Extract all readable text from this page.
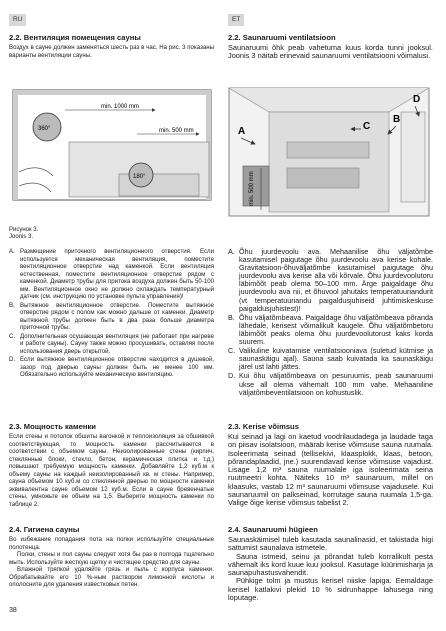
RU	ET
2.2. Вентиляция помещения сауны
Воздух в сауне должен заменяться шесть раз в час. На рис. 3 показаны варианты вентиляции сауны.
2.2. Saunaruumi ventilatsioon
Saunaruumi õhk peab vahetuma kuus korda tunni jooksul. Joonis 3 näitab erinevaid saunaruumi ventilatsiooni võimalusi.
min. 1000 mm
min. 500 mm
360°
180°	min. 500 mm
A
B
C
D
Рисунок 3.
Joonis 3.
A. Размещение приточного вентиляционного отверстия. Если используется механическая вентиляция, поместите вентиляционное отверстие над каменкой. Если вентиляция естественная, поместите вентиляционное отверстие рядом с каменкой. Диаметр трубы для притока воздуха должен быть 50-100 мм. Вентиляционное окно не должно охлаждать температурный датчик (см. инструкцию по установке пульта управления)!
B. Вытяжное вентиляционное отверстие. Поместите вытяжное отверстие рядом с полом как можно дальше от каменки. Диаметр вытяжной трубы должен быть в два раза больше диаметра приточной трубы.
C. Дополнительная осушающая вентиляция (не работает при нагреве и работе сауны). Сауну также можно просушивать, оставляя после использования дверь открытой.
D. Если вытяжное вентиляционное отверстие находится в душевой, зазор под дверью сауны должен быть не менее 100 мм. Обязательно используйте механическую вентиляцию.
A. Õhu juurdevoolu ava. Mehaanilise õhu väljatõmbe kasutamisel paigutage õhu juurdevoolu ava kerise kohale. Gravitatsioon-õhuväljatõmbe kasutamisel paigutage õhu juurdevoolu ava kerise alla või kõrvale. Õhu juurdevoolutoru läbimõõt peab olema 50–100 mm. Ärge paigaldage õhu juurdevoolu ava nii, et õhuvool jahutaks temperatuuriandurit (vt temperatuuriandu paigaldusjuhiseid juhtimiskeskuse paigaldusjuhistest)!
B. Õhu väljatõmbeava. Paigaldage õhu väljatõmbeava põranda lähedale, kerisest võimalikult kaugele. Õhu väljatõmbetoru läbimõõt peaks olema õhu juurdevoolutorust kaks korda suurem.
C. Valikuline kuivatamise ventilatsiooniava (suletud kütmise ja saunaskäigu ajal). Sauna saab kuivatada ka saunaskäigu järel ust lahti jättes.
D. Kui õhu väljatõmbeava on pesuruumis, peab saunaruumi ukse all olema vähemalt 100 mm vahe. Mehaaniline väljatõmbeventilatsioon on kohustuslik.
2.3. Мощность каменки
Если стены и потолок обшиты вагонкой и теплоизоляция за обшивкой соответствующая, то мощность каменки рассчитывается в соответствии с объемом сауны. Неизолированные стены (кирпич, стеклянные блоки, стекло, бетон, керамическая плитка и т.д.) повышают требуемую мощность каменки. Добавляйте 1,2 куб.м к объему сауны на каждый неизолированный кв. м стены. Например, сауна объемом 10 куб.м со стеклянной дверью по мощности каменки эквивалентна сауне объемом 12 куб.м. Если в сауне бревенчатые стены, умножьте ее объем на 1,5. Выберите мощность каменки по таблице 2.
2.3. Kerise võimsus
Kui seinad ja lagi on kaetud voodrilaudadega ja laudade taga on piisav isolatsioon, määrab kerise võimsuse sauna ruumala. Isoleerimata seinad (tellisekivi, klaasplokk, klaas, betoon, põrandaplaadid, jne.) suurendavad kerise võimsuse vajadust. Lisage 1,2 m³ sauna ruumalale iga isoleerimata seina ruutmeetri kohta. Näiteks 10 m³ saunaruum, millel on klaasuks, vastab 12 m³ saunaruumi võimsuse vajadusele. Kui saunaruumil on palkseinad, korrutage sauna ruumala 1,5-ga. Valige õige kerise võimsus tabelist 2.
2.4. Гигиена сауны
Во избежание попадания пота на полки используйте специальные полотенца.
Полки, стены и пол сауны следует хотя бы раз в полгода тщательно мыть. Используйте жесткую щетку и чистящее средство для сауны.
Влажной тряпкой удаляйте грязь и пыль с корпуса каменки. Обрабатывайте его 10 %-ным раствором лимонной кислоты и ополосните для удаления известковых пятен.
2.4. Saunaruumi hügieen
Saunaskäimisel tuleb kasutada saunalinasid, et takistada higi sattumist saunalava istmetele.
Sauna istmeid, seinu ja põrandat tuleb korralikult pesta vähemalt iks kord kuue kuu jooksul. Kasutage küürimisharja ja saunapuhastusvahendit.
Pühkige tolm ja mustus kerisel niiske lapiga. Eemaldage kerisel katlakivi plekid 10 % sidrunhappe lahusega ning loputage.
38
